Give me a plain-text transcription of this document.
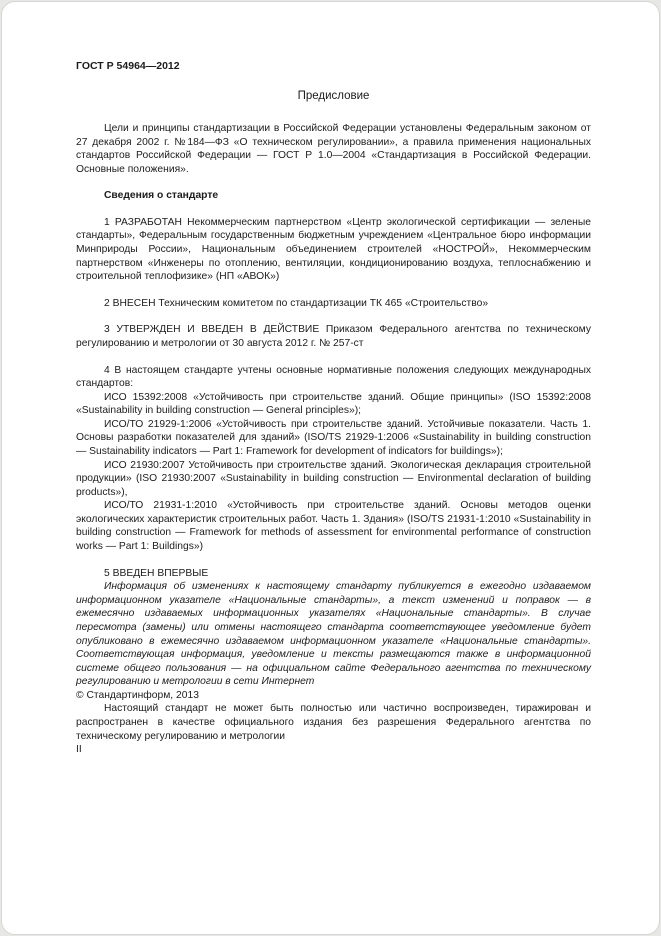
ГОСТ Р 54964—2012
Предисловие

Цели и принципы стандартизации в Российской Федерации установлены Федеральным законом от 27 декабря 2002 г. №184—ФЗ «О техническом регулировании», а правила применения национальных стандартов Российской Федерации — ГОСТ Р 1.0—2004 «Стандартизация в Российской Федерации. Основные положения».

Сведения о стандарте

1 РАЗРАБОТАН Некоммерческим партнерством «Центр экологической сертификации — зеленые стандарты», Федеральным государственным бюджетным учреждением «Центральное бюро информации Минприроды России», Национальным объединением строителей «НОСТРОЙ», Некоммерческим партнерством «Инженеры по отоплению, вентиляции, кондиционированию воздуха, теплоснабжению и строительной теплофизике» (НП «АВОК»)

2 ВНЕСЕН Техническим комитетом по стандартизации ТК 465 «Строительство»

3 УТВЕРЖДЕН И ВВЕДЕН В ДЕЙСТВИЕ Приказом Федерального агентства по техническому регулированию и метрологии от 30 августа 2012 г. № 257-ст

4 В настоящем стандарте учтены основные нормативные положения следующих международных стандартов:

ИСО 15392:2008 «Устойчивость при строительстве зданий. Общие принципы» (ISO 15392:2008 «Sustainability in building construction — General principles»);

ИСО/ТО 21929-1:2006 «Устойчивость при строительстве зданий. Устойчивые показатели. Часть 1. Основы разработки показателей для зданий» (ISO/TS 21929-1:2006 «Sustainability in building construction — Sustainability indicators — Part 1: Framework for development of indicators for buildings»);

ИСО 21930:2007 Устойчивость при строительстве зданий. Экологическая декларация строительной продукции» (ISO 21930:2007 «Sustainability in building construction — Environmental declaration of building products»),

ИСО/ТО 21931-1:2010 «Устойчивость при строительстве зданий. Основы методов оценки экологических характеристик строительных работ. Часть 1. Здания» (ISO/TS 21931-1:2010 «Sustainability in building construction — Framework for methods of assessment for environmental performance of construction works — Part 1: Buildings»)

5 ВВЕДЕН ВПЕРВЫЕ

Информация об изменениях к настоящему стандарту публикуется в ежегодно издаваемом информационном указателе «Национальные стандарты», а текст изменений и поправок — в ежемесячно издаваемых информационных указателях «Национальные стандарты». В случае пересмотра (замены) или отмены настоящего стандарта соответствующее уведомление будет опубликовано в ежемесячно издаваемом информационном указателе «Национальные стандарты». Соответствующая информация, уведомление и тексты размещаются также в информационной системе общего пользования — на официальном сайте Федерального агентства по техническому регулированию и метрологии в сети Интернет

© Стандартинформ, 2013

Настоящий стандарт не может быть полностью или частично воспроизведен, тиражирован и распространен в качестве официального издания без разрешения Федерального агентства по техническому регулированию и метрологии

II
